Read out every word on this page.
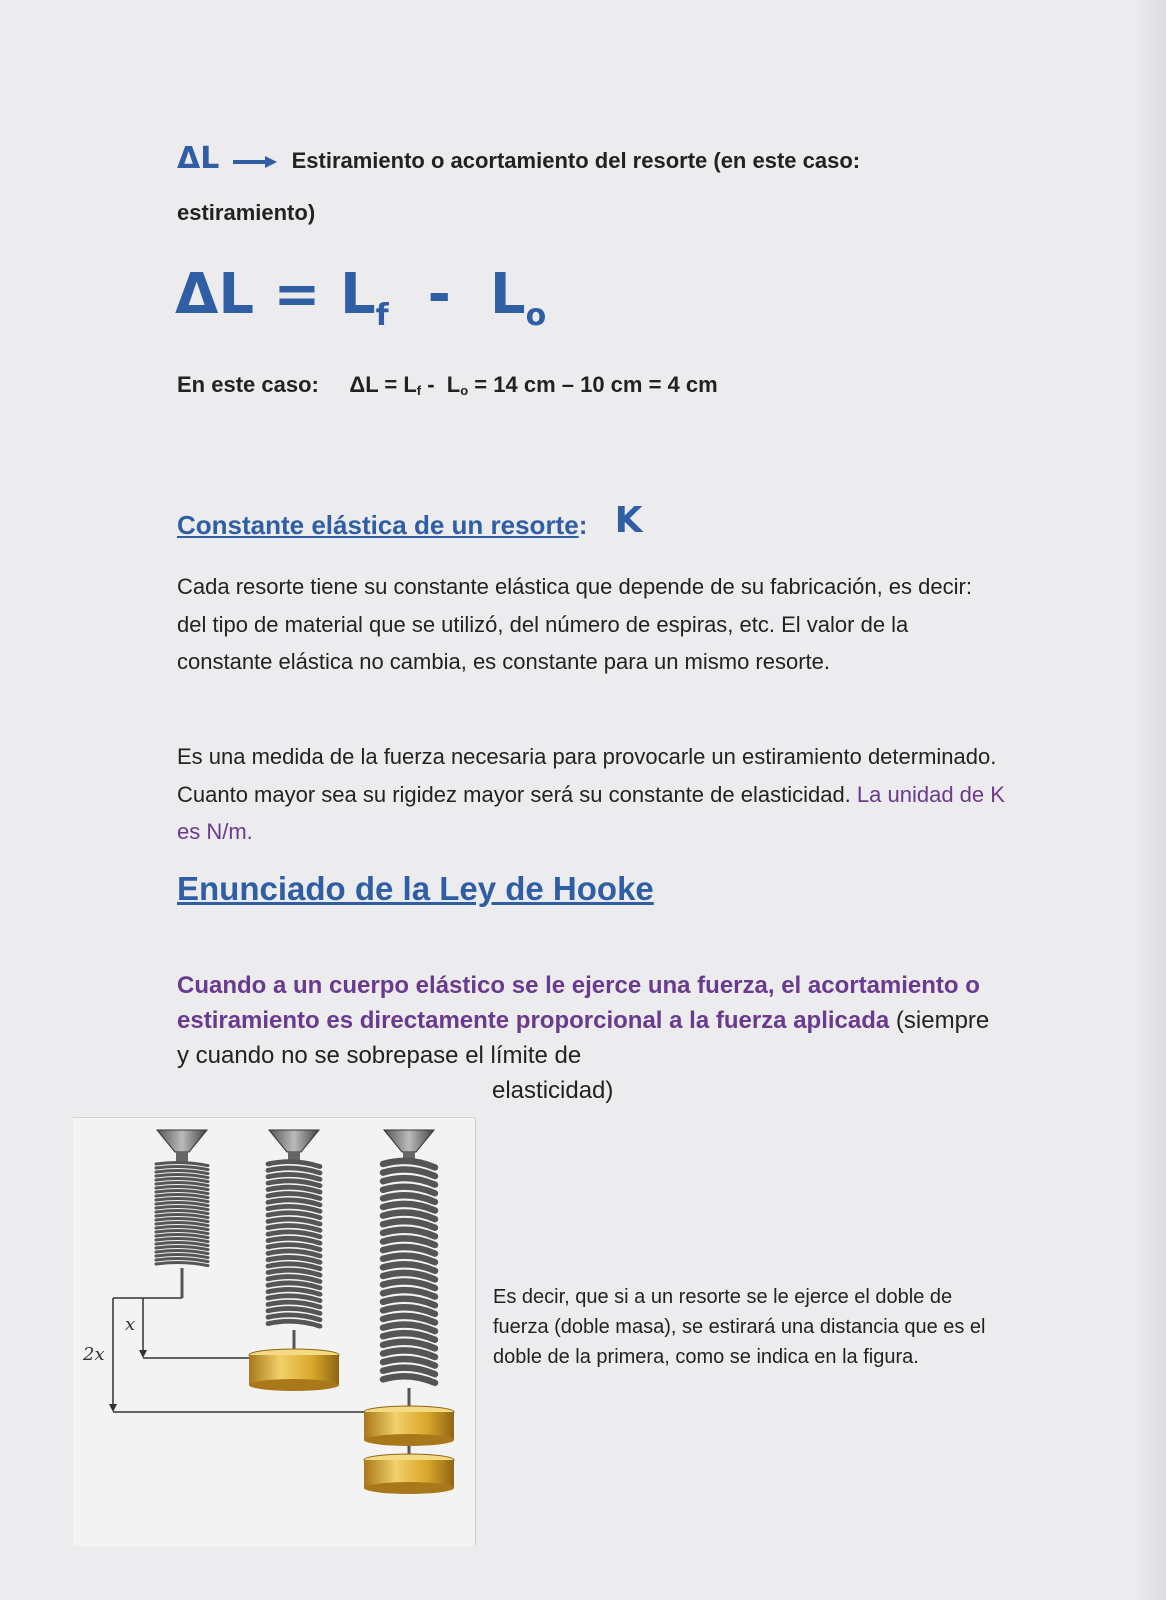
ΔL	Estiramiento o acortamiento del resorte (en este caso:
estiramiento)
$\Delta L = L_f - L_o$
En este caso: $\Delta L = L_f - L_o = 14$ cm – 10 cm = 4 cm
Constante elástica de un resorte: K
Cada resorte tiene su constante elástica que depende de su fabricación, es decir: del tipo de material que se utilizó, del número de espiras, etc. El valor de la constante elástica no cambia, es constante para un mismo resorte.
Es una medida de la fuerza necesaria para provocarle un estiramiento determinado. Cuanto mayor sea su rigidez mayor será su constante de elasticidad. La unidad de K es N/m.
Enunciado de la Ley de Hooke
Cuando a un cuerpo elástico se le ejerce una fuerza, el acortamiento o estiramiento es directamente proporcional a la fuerza aplicada (siempre y cuando no se sobrepase el límite de
elasticidad)
x
2x
Es decir, que si a un resorte se le ejerce el doble de fuerza (doble masa), se estirará una distancia que es el doble de la primera, como se indica en la figura.
